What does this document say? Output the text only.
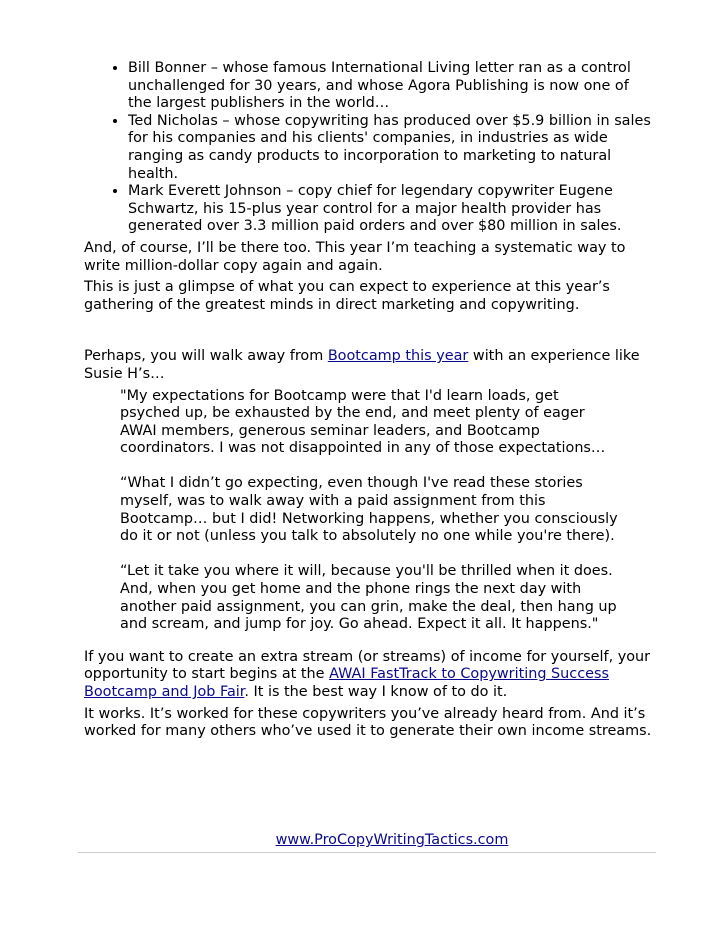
• Bill Bonner – whose famous International Living letter ran as a control unchallenged for 30 years, and whose Agora Publishing is now one of the largest publishers in the world…
• Ted Nicholas – whose copywriting has produced over $5.9 billion in sales for his companies and his clients' companies, in industries as wide ranging as candy products to incorporation to marketing to natural health.
• Mark Everett Johnson – copy chief for legendary copywriter Eugene Schwartz, his 15-plus year control for a major health provider has generated over 3.3 million paid orders and over $80 million in sales.

And, of course, I’ll be there too. This year I’m teaching a systematic way to write million-dollar copy again and again.

This is just a glimpse of what you can expect to experience at this year’s gathering of the greatest minds in direct marketing and copywriting.

Perhaps, you will walk away from Bootcamp this year with an experience like Susie H’s…

"My expectations for Bootcamp were that I'd learn loads, get psyched up, be exhausted by the end, and meet plenty of eager AWAI members, generous seminar leaders, and Bootcamp coordinators. I was not disappointed in any of those expectations…

“What I didn’t go expecting, even though I've read these stories myself, was to walk away with a paid assignment from this Bootcamp… but I did! Networking happens, whether you consciously do it or not (unless you talk to absolutely no one while you're there).

“Let it take you where it will, because you'll be thrilled when it does. And, when you get home and the phone rings the next day with another paid assignment, you can grin, make the deal, then hang up and scream, and jump for joy. Go ahead. Expect it all. It happens."

If you want to create an extra stream (or streams) of income for yourself, your opportunity to start begins at the AWAI FastTrack to Copywriting Success Bootcamp and Job Fair. It is the best way I know of to do it.

It works. It’s worked for these copywriters you’ve already heard from. And it’s worked for many others who’ve used it to generate their own income streams.

www.ProCopyWritingTactics.com
